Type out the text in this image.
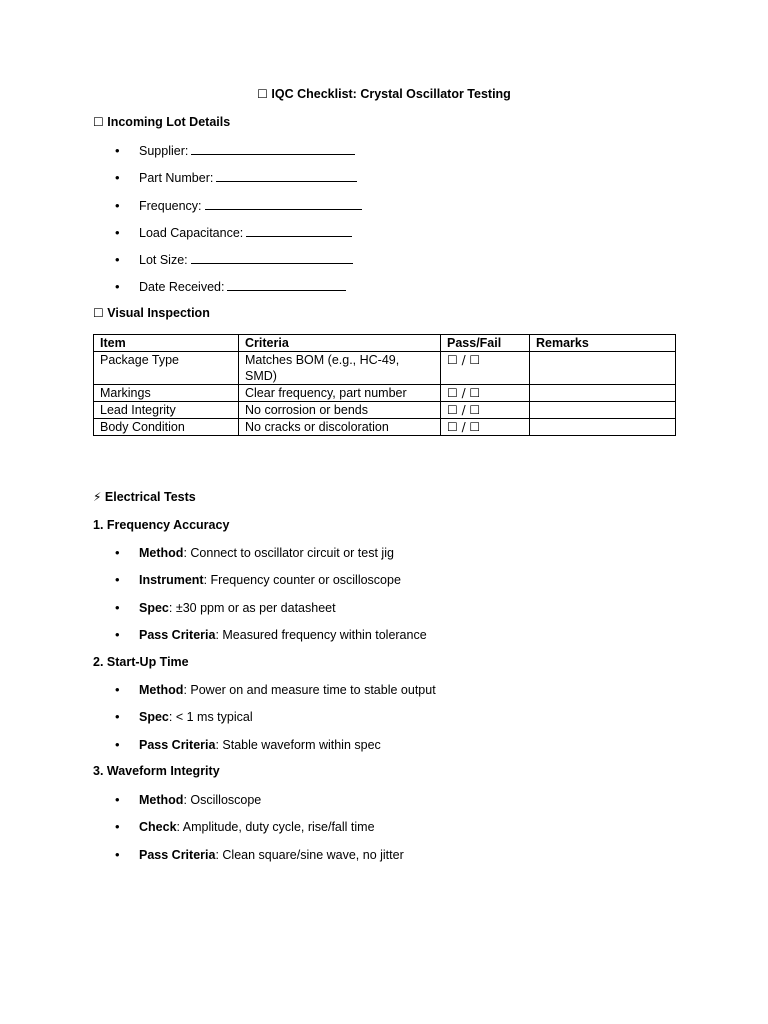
☐ IQC Checklist: Crystal Oscillator Testing
☐ Incoming Lot Details
• Supplier:
• Part Number:
• Frequency:
• Load Capacitance:
• Lot Size:
• Date Received:
☐ Visual Inspection
Item	Criteria	Pass/Fail	Remarks
Package Type	Matches BOM (e.g., HC-49, SMD)	☐ / ☐	
Markings	Clear frequency, part number	☐ / ☐	
Lead Integrity	No corrosion or bends	☐ / ☐	
Body Condition	No cracks or discoloration	☐ / ☐	
⚡ Electrical Tests
1. Frequency Accuracy
• Method: Connect to oscillator circuit or test jig
• Instrument: Frequency counter or oscilloscope
• Spec: ±30 ppm or as per datasheet
• Pass Criteria: Measured frequency within tolerance
2. Start-Up Time
• Method: Power on and measure time to stable output
• Spec: < 1 ms typical
• Pass Criteria: Stable waveform within spec
3. Waveform Integrity
• Method: Oscilloscope
• Check: Amplitude, duty cycle, rise/fall time
• Pass Criteria: Clean square/sine wave, no jitter
